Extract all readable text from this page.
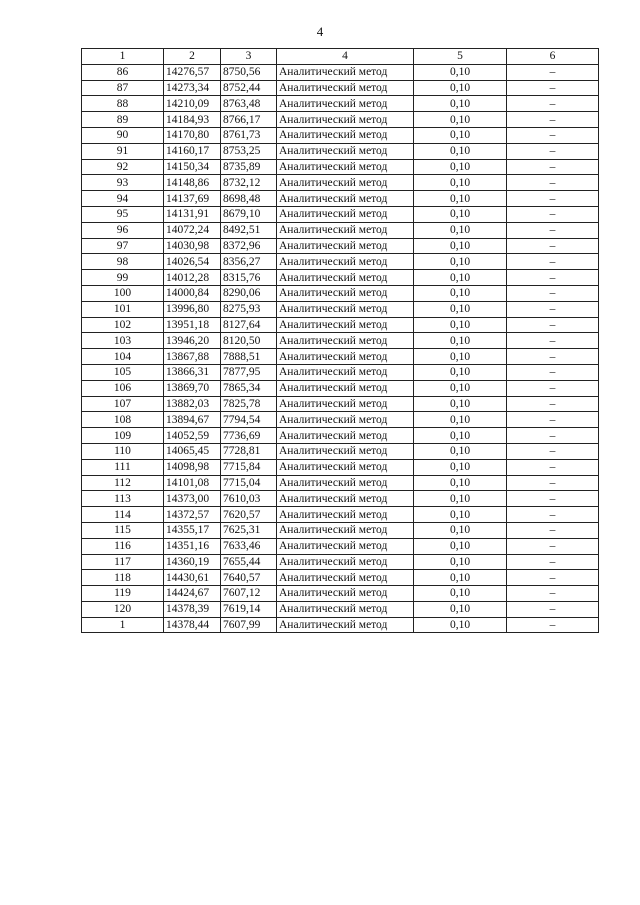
4
1	2	3	4	5	6
86	14276,57	8750,56	Аналитический метод	0,10	–
87	14273,34	8752,44	Аналитический метод	0,10	–
88	14210,09	8763,48	Аналитический метод	0,10	–
89	14184,93	8766,17	Аналитический метод	0,10	–
90	14170,80	8761,73	Аналитический метод	0,10	–
91	14160,17	8753,25	Аналитический метод	0,10	–
92	14150,34	8735,89	Аналитический метод	0,10	–
93	14148,86	8732,12	Аналитический метод	0,10	–
94	14137,69	8698,48	Аналитический метод	0,10	–
95	14131,91	8679,10	Аналитический метод	0,10	–
96	14072,24	8492,51	Аналитический метод	0,10	–
97	14030,98	8372,96	Аналитический метод	0,10	–
98	14026,54	8356,27	Аналитический метод	0,10	–
99	14012,28	8315,76	Аналитический метод	0,10	–
100	14000,84	8290,06	Аналитический метод	0,10	–
101	13996,80	8275,93	Аналитический метод	0,10	–
102	13951,18	8127,64	Аналитический метод	0,10	–
103	13946,20	8120,50	Аналитический метод	0,10	–
104	13867,88	7888,51	Аналитический метод	0,10	–
105	13866,31	7877,95	Аналитический метод	0,10	–
106	13869,70	7865,34	Аналитический метод	0,10	–
107	13882,03	7825,78	Аналитический метод	0,10	–
108	13894,67	7794,54	Аналитический метод	0,10	–
109	14052,59	7736,69	Аналитический метод	0,10	–
110	14065,45	7728,81	Аналитический метод	0,10	–
111	14098,98	7715,84	Аналитический метод	0,10	–
112	14101,08	7715,04	Аналитический метод	0,10	–
113	14373,00	7610,03	Аналитический метод	0,10	–
114	14372,57	7620,57	Аналитический метод	0,10	–
115	14355,17	7625,31	Аналитический метод	0,10	–
116	14351,16	7633,46	Аналитический метод	0,10	–
117	14360,19	7655,44	Аналитический метод	0,10	–
118	14430,61	7640,57	Аналитический метод	0,10	–
119	14424,67	7607,12	Аналитический метод	0,10	–
120	14378,39	7619,14	Аналитический метод	0,10	–
1	14378,44	7607,99	Аналитический метод	0,10	–
